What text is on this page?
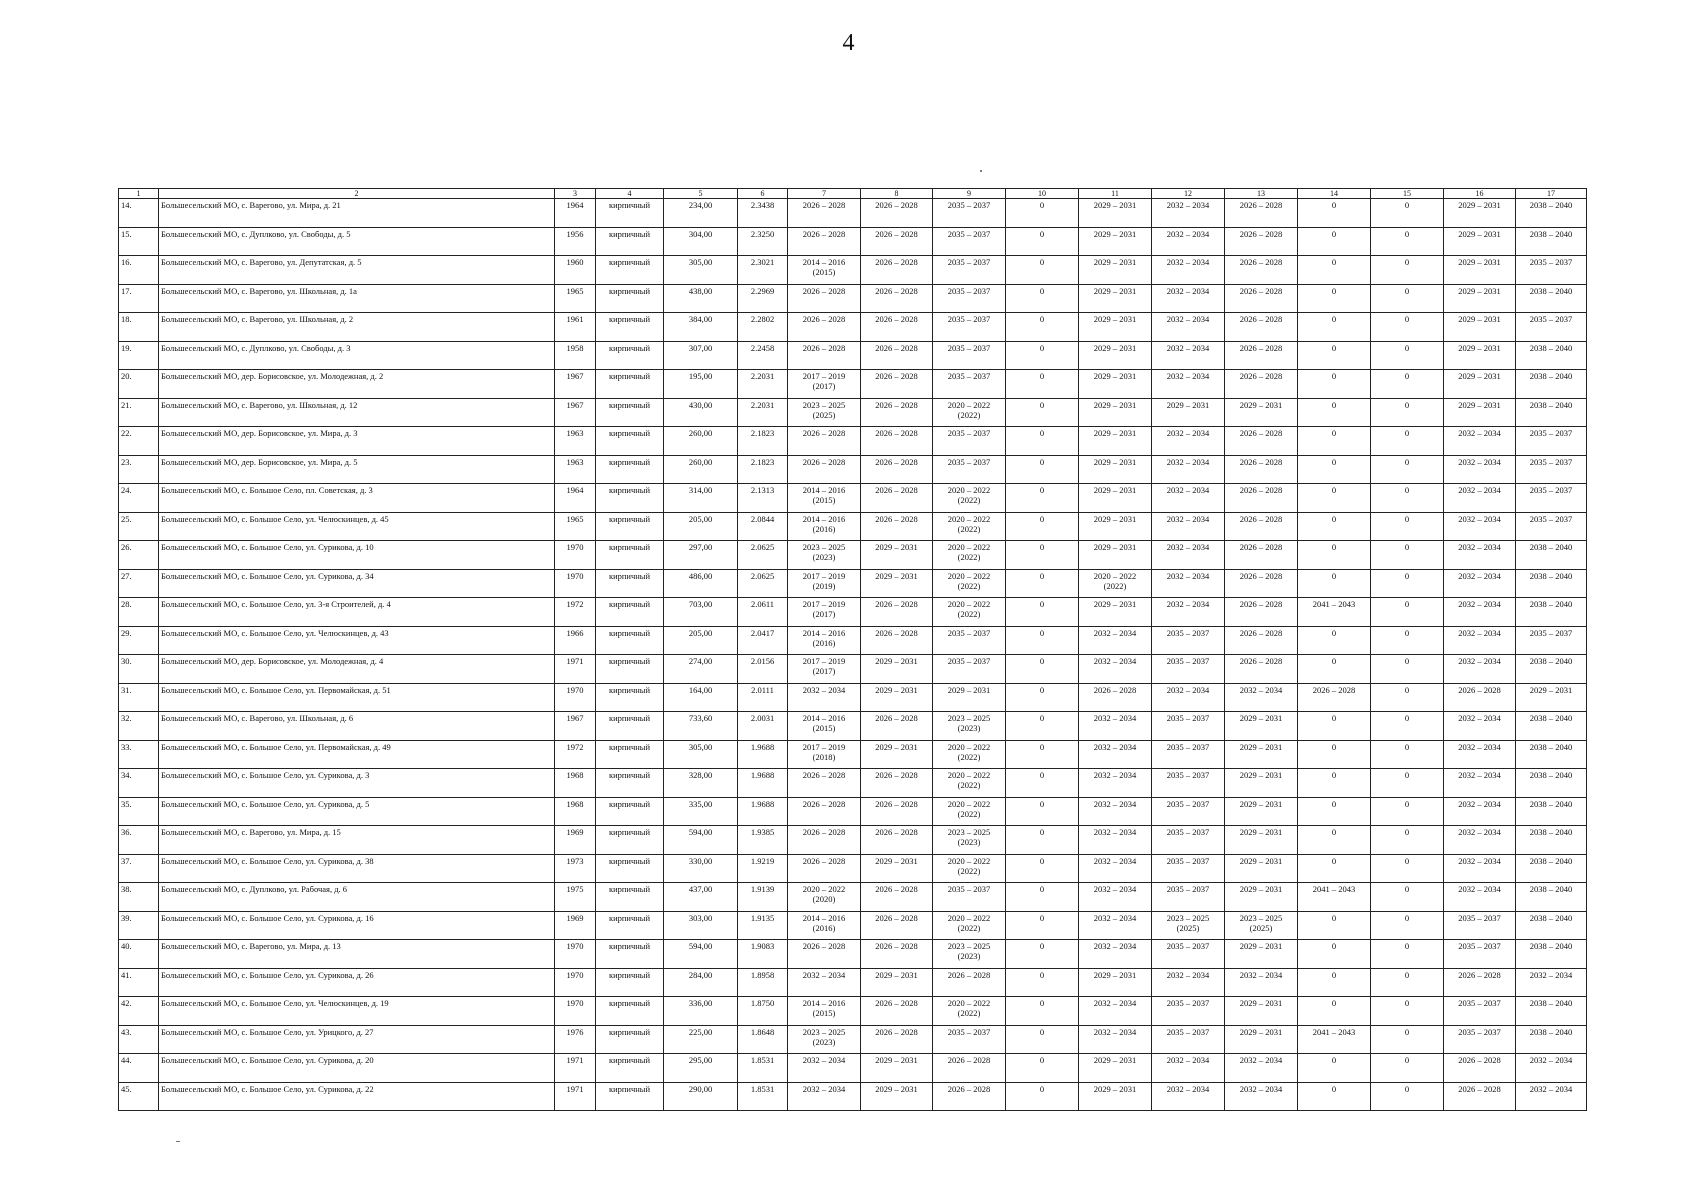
4
1	2	3	4	5	6	7	8	9	10	11	12	13	14	15	16	17

14.	Большесельский МО, с. Варегово, ул. Мира, д. 21	1964	кирпичный	234,00	2.3438	2026 – 2028	2026 – 2028	2035 – 2037	0	2029 – 2031	2032 – 2034	2026 – 2028	0	0	2029 – 2031	2038 – 2040

15.	Большесельский МО, с. Дуплково, ул. Свободы, д. 5	1956	кирпичный	304,00	2.3250	2026 – 2028	2026 – 2028	2035 – 2037	0	2029 – 2031	2032 – 2034	2026 – 2028	0	0	2029 – 2031	2038 – 2040

16.	Большесельский МО, с. Варегово, ул. Депутатская, д. 5	1960	кирпичный	305,00	2.3021	2014 – 2016
(2015)	2026 – 2028	2035 – 2037	0	2029 – 2031	2032 – 2034	2026 – 2028	0	0	2029 – 2031	2035 – 2037

17.	Большесельский МО, с. Варегово, ул. Школьная, д. 1а	1965	кирпичный	438,00	2.2969	2026 – 2028	2026 – 2028	2035 – 2037	0	2029 – 2031	2032 – 2034	2026 – 2028	0	0	2029 – 2031	2038 – 2040

18.	Большесельский МО, с. Варегово, ул. Школьная, д. 2	1961	кирпичный	384,00	2.2802	2026 – 2028	2026 – 2028	2035 – 2037	0	2029 – 2031	2032 – 2034	2026 – 2028	0	0	2029 – 2031	2035 – 2037

19.	Большесельский МО, с. Дуплково, ул. Свободы, д. 3	1958	кирпичный	307,00	2.2458	2026 – 2028	2026 – 2028	2035 – 2037	0	2029 – 2031	2032 – 2034	2026 – 2028	0	0	2029 – 2031	2038 – 2040

20.	Большесельский МО, дер. Борисовское, ул. Молодежная, д. 2	1967	кирпичный	195,00	2.2031	2017 – 2019
(2017)	2026 – 2028	2035 – 2037	0	2029 – 2031	2032 – 2034	2026 – 2028	0	0	2029 – 2031	2038 – 2040

21.	Большесельский МО, с. Варегово, ул. Школьная, д. 12	1967	кирпичный	430,00	2.2031	2023 – 2025
(2025)	2026 – 2028	2020 – 2022
(2022)	0	2029 – 2031	2029 – 2031	2029 – 2031	0	0	2029 – 2031	2038 – 2040

22.	Большесельский МО, дер. Борисовское, ул. Мира, д. 3	1963	кирпичный	260,00	2.1823	2026 – 2028	2026 – 2028	2035 – 2037	0	2029 – 2031	2032 – 2034	2026 – 2028	0	0	2032 – 2034	2035 – 2037

23.	Большесельский МО, дер. Борисовское, ул. Мира, д. 5	1963	кирпичный	260,00	2.1823	2026 – 2028	2026 – 2028	2035 – 2037	0	2029 – 2031	2032 – 2034	2026 – 2028	0	0	2032 – 2034	2035 – 2037

24.	Большесельский МО, с. Большое Село, пл. Советская, д. 3	1964	кирпичный	314,00	2.1313	2014 – 2016
(2015)	2026 – 2028	2020 – 2022
(2022)	0	2029 – 2031	2032 – 2034	2026 – 2028	0	0	2032 – 2034	2035 – 2037

25.	Большесельский МО, с. Большое Село, ул. Челюскинцев, д. 45	1965	кирпичный	205,00	2.0844	2014 – 2016
(2016)	2026 – 2028	2020 – 2022
(2022)	0	2029 – 2031	2032 – 2034	2026 – 2028	0	0	2032 – 2034	2035 – 2037

26.	Большесельский МО, с. Большое Село, ул. Сурикова, д. 10	1970	кирпичный	297,00	2.0625	2023 – 2025
(2023)	2029 – 2031	2020 – 2022
(2022)	0	2029 – 2031	2032 – 2034	2026 – 2028	0	0	2032 – 2034	2038 – 2040

27.	Большесельский МО, с. Большое Село, ул. Сурикова, д. 34	1970	кирпичный	486,00	2.0625	2017 – 2019
(2019)	2029 – 2031	2020 – 2022
(2022)	0	2020 – 2022
(2022)	2032 – 2034	2026 – 2028	0	0	2032 – 2034	2038 – 2040

28.	Большесельский МО, с. Большое Село, ул. 3-я Строителей, д. 4	1972	кирпичный	703,00	2.0611	2017 – 2019
(2017)	2026 – 2028	2020 – 2022
(2022)	0	2029 – 2031	2032 – 2034	2026 – 2028	2041 – 2043	0	2032 – 2034	2038 – 2040

29.	Большесельский МО, с. Большое Село, ул. Челюскинцев, д. 43	1966	кирпичный	205,00	2.0417	2014 – 2016
(2016)	2026 – 2028	2035 – 2037	0	2032 – 2034	2035 – 2037	2026 – 2028	0	0	2032 – 2034	2035 – 2037

30.	Большесельский МО, дер. Борисовское, ул. Молодежная, д. 4	1971	кирпичный	274,00	2.0156	2017 – 2019
(2017)	2029 – 2031	2035 – 2037	0	2032 – 2034	2035 – 2037	2026 – 2028	0	0	2032 – 2034	2038 – 2040

31.	Большесельский МО, с. Большое Село, ул. Первомайская, д. 51	1970	кирпичный	164,00	2.0111	2032 – 2034	2029 – 2031	2029 – 2031	0	2026 – 2028	2032 – 2034	2032 – 2034	2026 – 2028	0	2026 – 2028	2029 – 2031

32.	Большесельский МО, с. Варегово, ул. Школьная, д. 6	1967	кирпичный	733,60	2.0031	2014 – 2016
(2015)	2026 – 2028	2023 – 2025
(2023)	0	2032 – 2034	2035 – 2037	2029 – 2031	0	0	2032 – 2034	2038 – 2040

33.	Большесельский МО, с. Большое Село, ул. Первомайская, д. 49	1972	кирпичный	305,00	1.9688	2017 – 2019
(2018)	2029 – 2031	2020 – 2022
(2022)	0	2032 – 2034	2035 – 2037	2029 – 2031	0	0	2032 – 2034	2038 – 2040

34.	Большесельский МО, с. Большое Село, ул. Сурикова, д. 3	1968	кирпичный	328,00	1.9688	2026 – 2028	2026 – 2028	2020 – 2022
(2022)	0	2032 – 2034	2035 – 2037	2029 – 2031	0	0	2032 – 2034	2038 – 2040

35.	Большесельский МО, с. Большое Село, ул. Сурикова, д. 5	1968	кирпичный	335,00	1.9688	2026 – 2028	2026 – 2028	2020 – 2022
(2022)	0	2032 – 2034	2035 – 2037	2029 – 2031	0	0	2032 – 2034	2038 – 2040

36.	Большесельский МО, с. Варегово, ул. Мира, д. 15	1969	кирпичный	594,00	1.9385	2026 – 2028	2026 – 2028	2023 – 2025
(2023)	0	2032 – 2034	2035 – 2037	2029 – 2031	0	0	2032 – 2034	2038 – 2040

37.	Большесельский МО, с. Большое Село, ул. Сурикова, д. 38	1973	кирпичный	330,00	1.9219	2026 – 2028	2029 – 2031	2020 – 2022
(2022)	0	2032 – 2034	2035 – 2037	2029 – 2031	0	0	2032 – 2034	2038 – 2040

38.	Большесельский МО, с. Дуплково, ул. Рабочая, д. 6	1975	кирпичный	437,00	1.9139	2020 – 2022
(2020)	2026 – 2028	2035 – 2037	0	2032 – 2034	2035 – 2037	2029 – 2031	2041 – 2043	0	2032 – 2034	2038 – 2040

39.	Большесельский МО, с. Большое Село, ул. Сурикова, д. 16	1969	кирпичный	303,00	1.9135	2014 – 2016
(2016)	2026 – 2028	2020 – 2022
(2022)	0	2032 – 2034	2023 – 2025
(2025)	2023 – 2025
(2025)	0	0	2035 – 2037	2038 – 2040

40.	Большесельский МО, с. Варегово, ул. Мира, д. 13	1970	кирпичный	594,00	1.9083	2026 – 2028	2026 – 2028	2023 – 2025
(2023)	0	2032 – 2034	2035 – 2037	2029 – 2031	0	0	2035 – 2037	2038 – 2040

41.	Большесельский МО, с. Большое Село, ул. Сурикова, д. 26	1970	кирпичный	284,00	1.8958	2032 – 2034	2029 – 2031	2026 – 2028	0	2029 – 2031	2032 – 2034	2032 – 2034	0	0	2026 – 2028	2032 – 2034

42.	Большесельский МО, с. Большое Село, ул. Челюскинцев, д. 19	1970	кирпичный	336,00	1.8750	2014 – 2016
(2015)	2026 – 2028	2020 – 2022
(2022)	0	2032 – 2034	2035 – 2037	2029 – 2031	0	0	2035 – 2037	2038 – 2040

43.	Большесельский МО, с. Большое Село, ул. Урицкого, д. 27	1976	кирпичный	225,00	1.8648	2023 – 2025
(2023)	2026 – 2028	2035 – 2037	0	2032 – 2034	2035 – 2037	2029 – 2031	2041 – 2043	0	2035 – 2037	2038 – 2040

44.	Большесельский МО, с. Большое Село, ул. Сурикова, д. 20	1971	кирпичный	295,00	1.8531	2032 – 2034	2029 – 2031	2026 – 2028	0	2029 – 2031	2032 – 2034	2032 – 2034	0	0	2026 – 2028	2032 – 2034

45.	Большесельский МО, с. Большое Село, ул. Сурикова, д. 22	1971	кирпичный	290,00	1.8531	2032 – 2034	2029 – 2031	2026 – 2028	0	2029 – 2031	2032 – 2034	2032 – 2034	0	0	2026 – 2028	2032 – 2034
